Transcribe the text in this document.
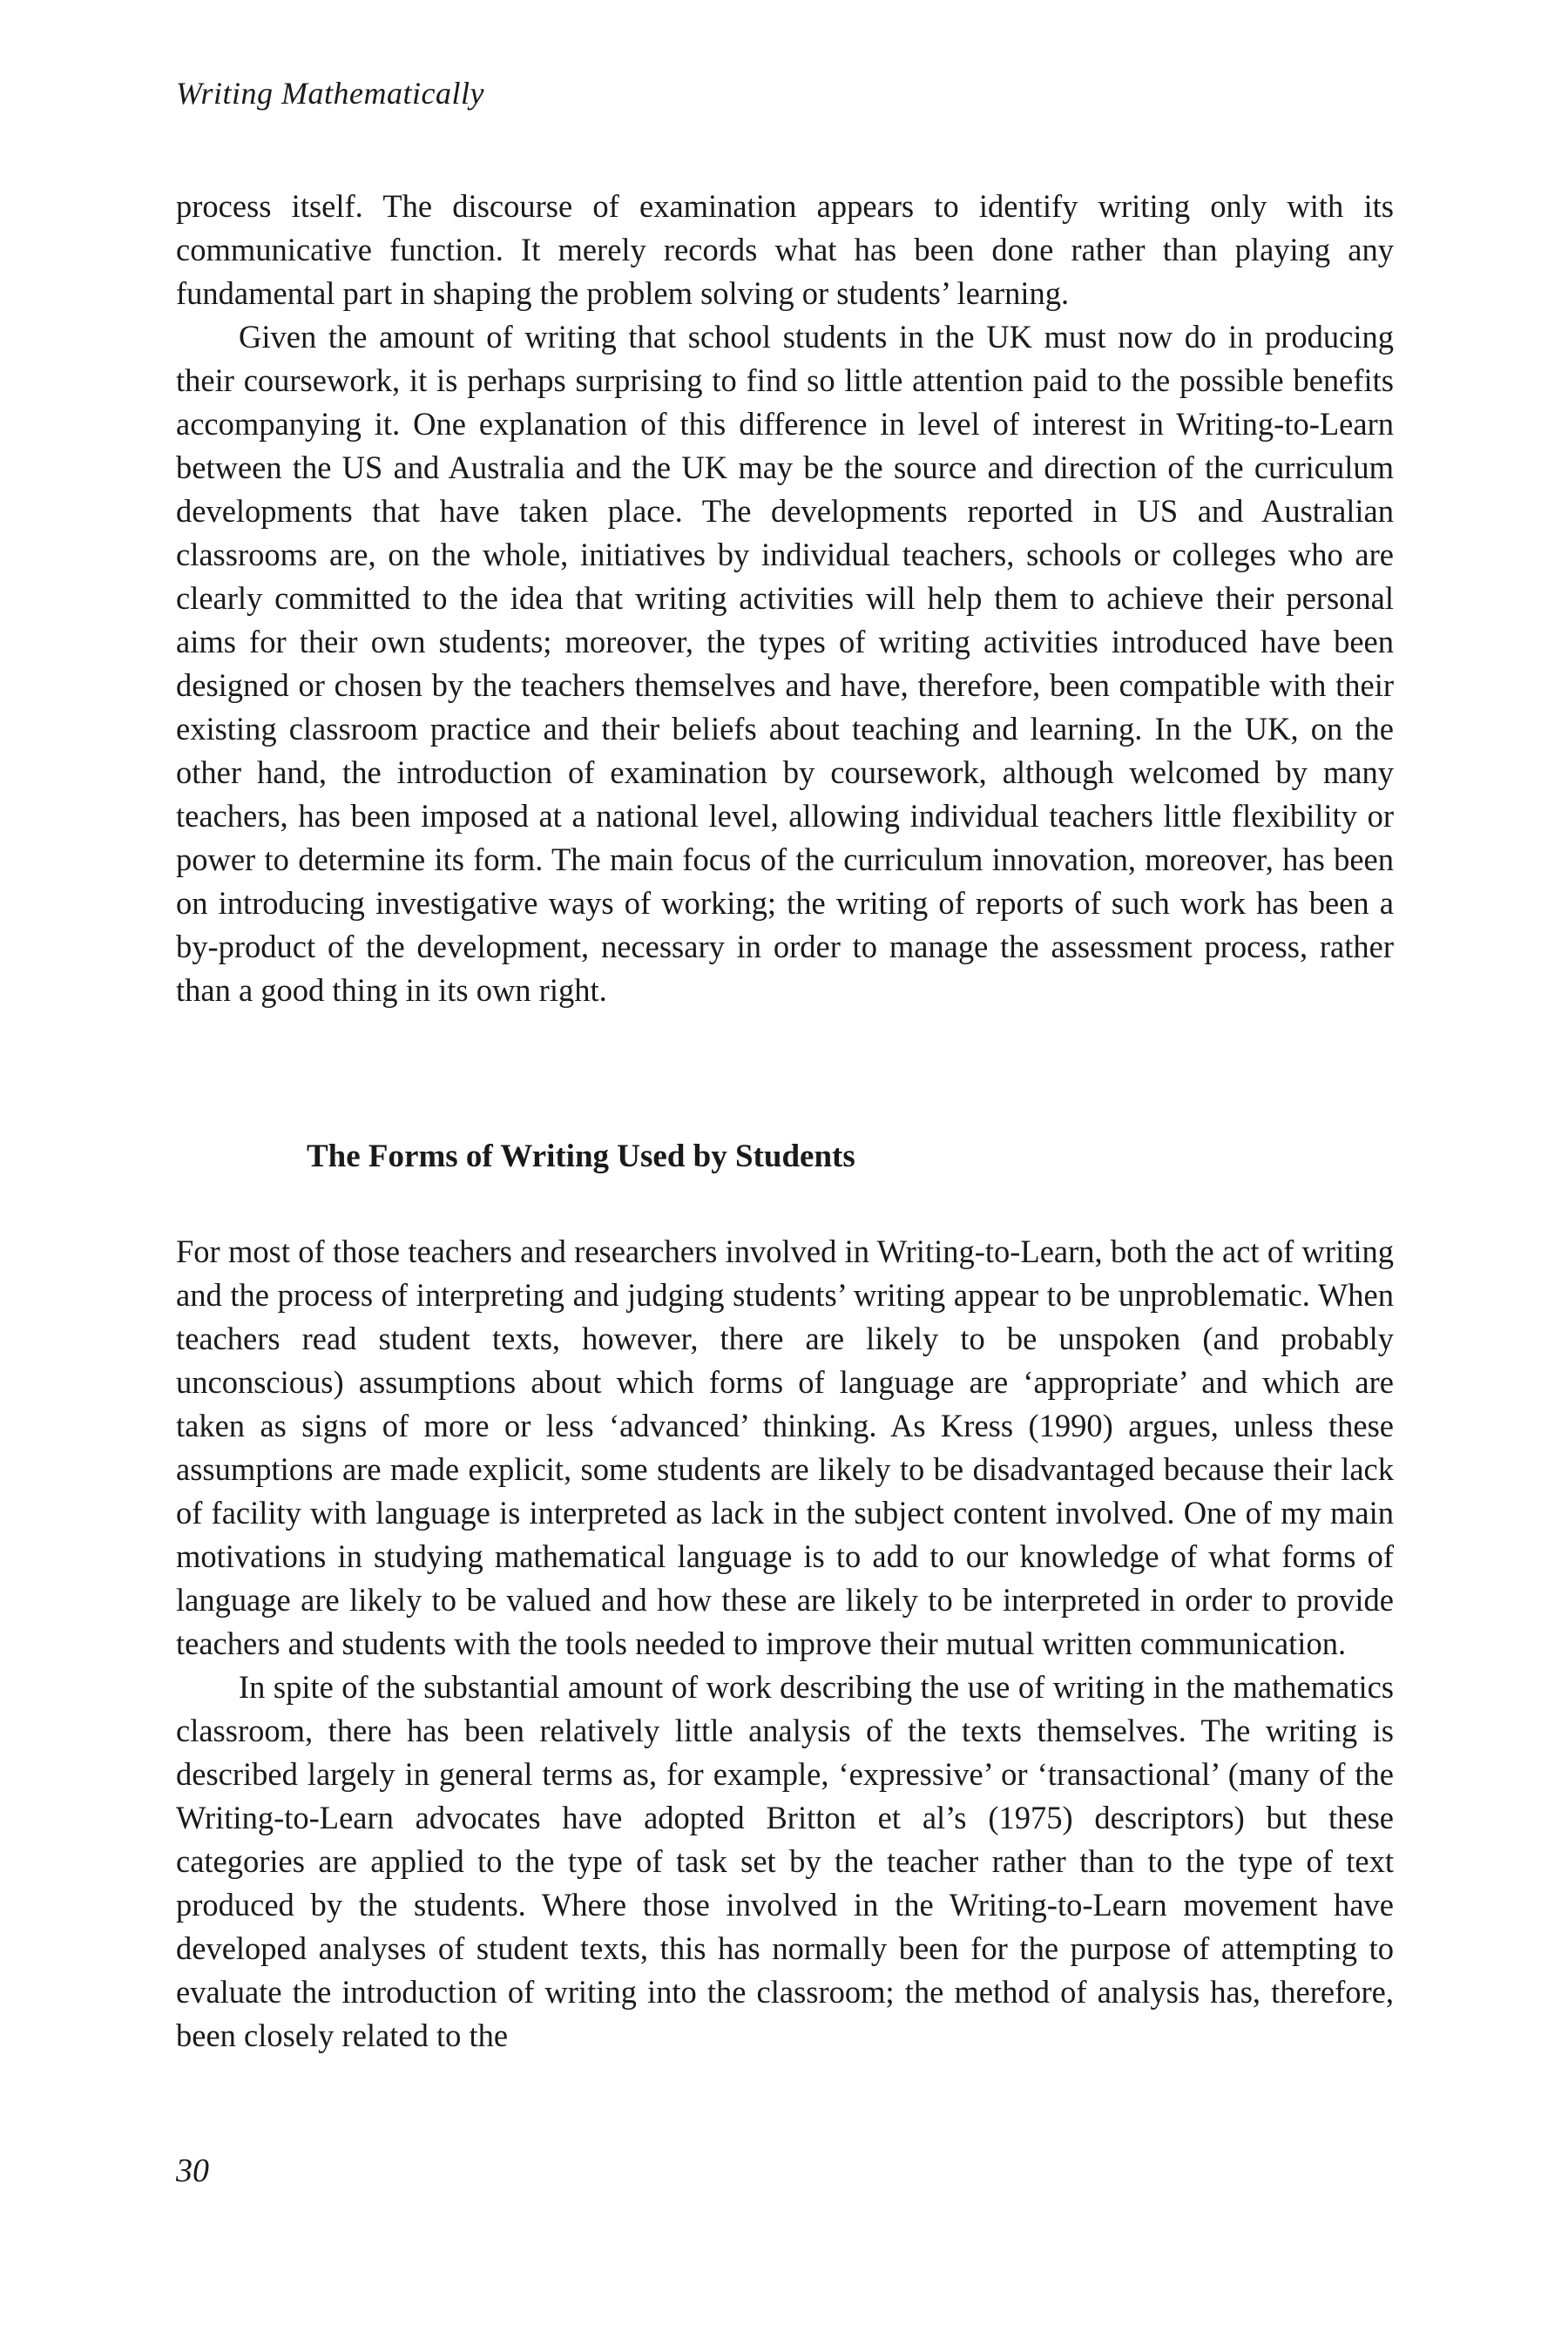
Writing Mathematically

process itself. The discourse of examination appears to identify writing only with its communicative function. It merely records what has been done rather than playing any fundamental part in shaping the problem solving or students’ learning.

Given the amount of writing that school students in the UK must now do in producing their coursework, it is perhaps surprising to find so little attention paid to the possible benefits accompanying it. One explanation of this difference in level of interest in Writing-to-Learn between the US and Australia and the UK may be the source and direction of the curriculum developments that have taken place. The developments reported in US and Australian classrooms are, on the whole, initiatives by individual teachers, schools or colleges who are clearly committed to the idea that writing activities will help them to achieve their personal aims for their own students; moreover, the types of writing activities introduced have been designed or chosen by the teachers themselves and have, therefore, been compatible with their existing classroom practice and their beliefs about teaching and learning. In the UK, on the other hand, the introduction of examination by coursework, although welcomed by many teachers, has been imposed at a national level, allowing individual teachers little flexibility or power to determine its form. The main focus of the curriculum innovation, moreover, has been on introducing investigative ways of working; the writing of reports of such work has been a by-product of the development, necessary in order to manage the assessment process, rather than a good thing in its own right.

The Forms of Writing Used by Students

For most of those teachers and researchers involved in Writing-to-Learn, both the act of writing and the process of interpreting and judging students’ writing appear to be unproblematic. When teachers read student texts, however, there are likely to be unspoken (and probably unconscious) assumptions about which forms of language are ‘appropriate’ and which are taken as signs of more or less ‘advanced’ thinking. As Kress (1990) argues, unless these assumptions are made explicit, some students are likely to be disadvantaged because their lack of facility with language is interpreted as lack in the subject content involved. One of my main motivations in studying mathematical language is to add to our knowledge of what forms of language are likely to be valued and how these are likely to be interpreted in order to provide teachers and students with the tools needed to improve their mutual written communication.

In spite of the substantial amount of work describing the use of writing in the mathematics classroom, there has been relatively little analysis of the texts themselves. The writing is described largely in general terms as, for example, ‘expressive’ or ‘transactional’ (many of the Writing-to-Learn advocates have adopted Britton et al’s (1975) descriptors) but these categories are applied to the type of task set by the teacher rather than to the type of text produced by the students. Where those involved in the Writing-to-Learn movement have developed analyses of student texts, this has normally been for the purpose of attempting to evaluate the introduction of writing into the classroom; the method of analysis has, therefore, been closely related to the

30
